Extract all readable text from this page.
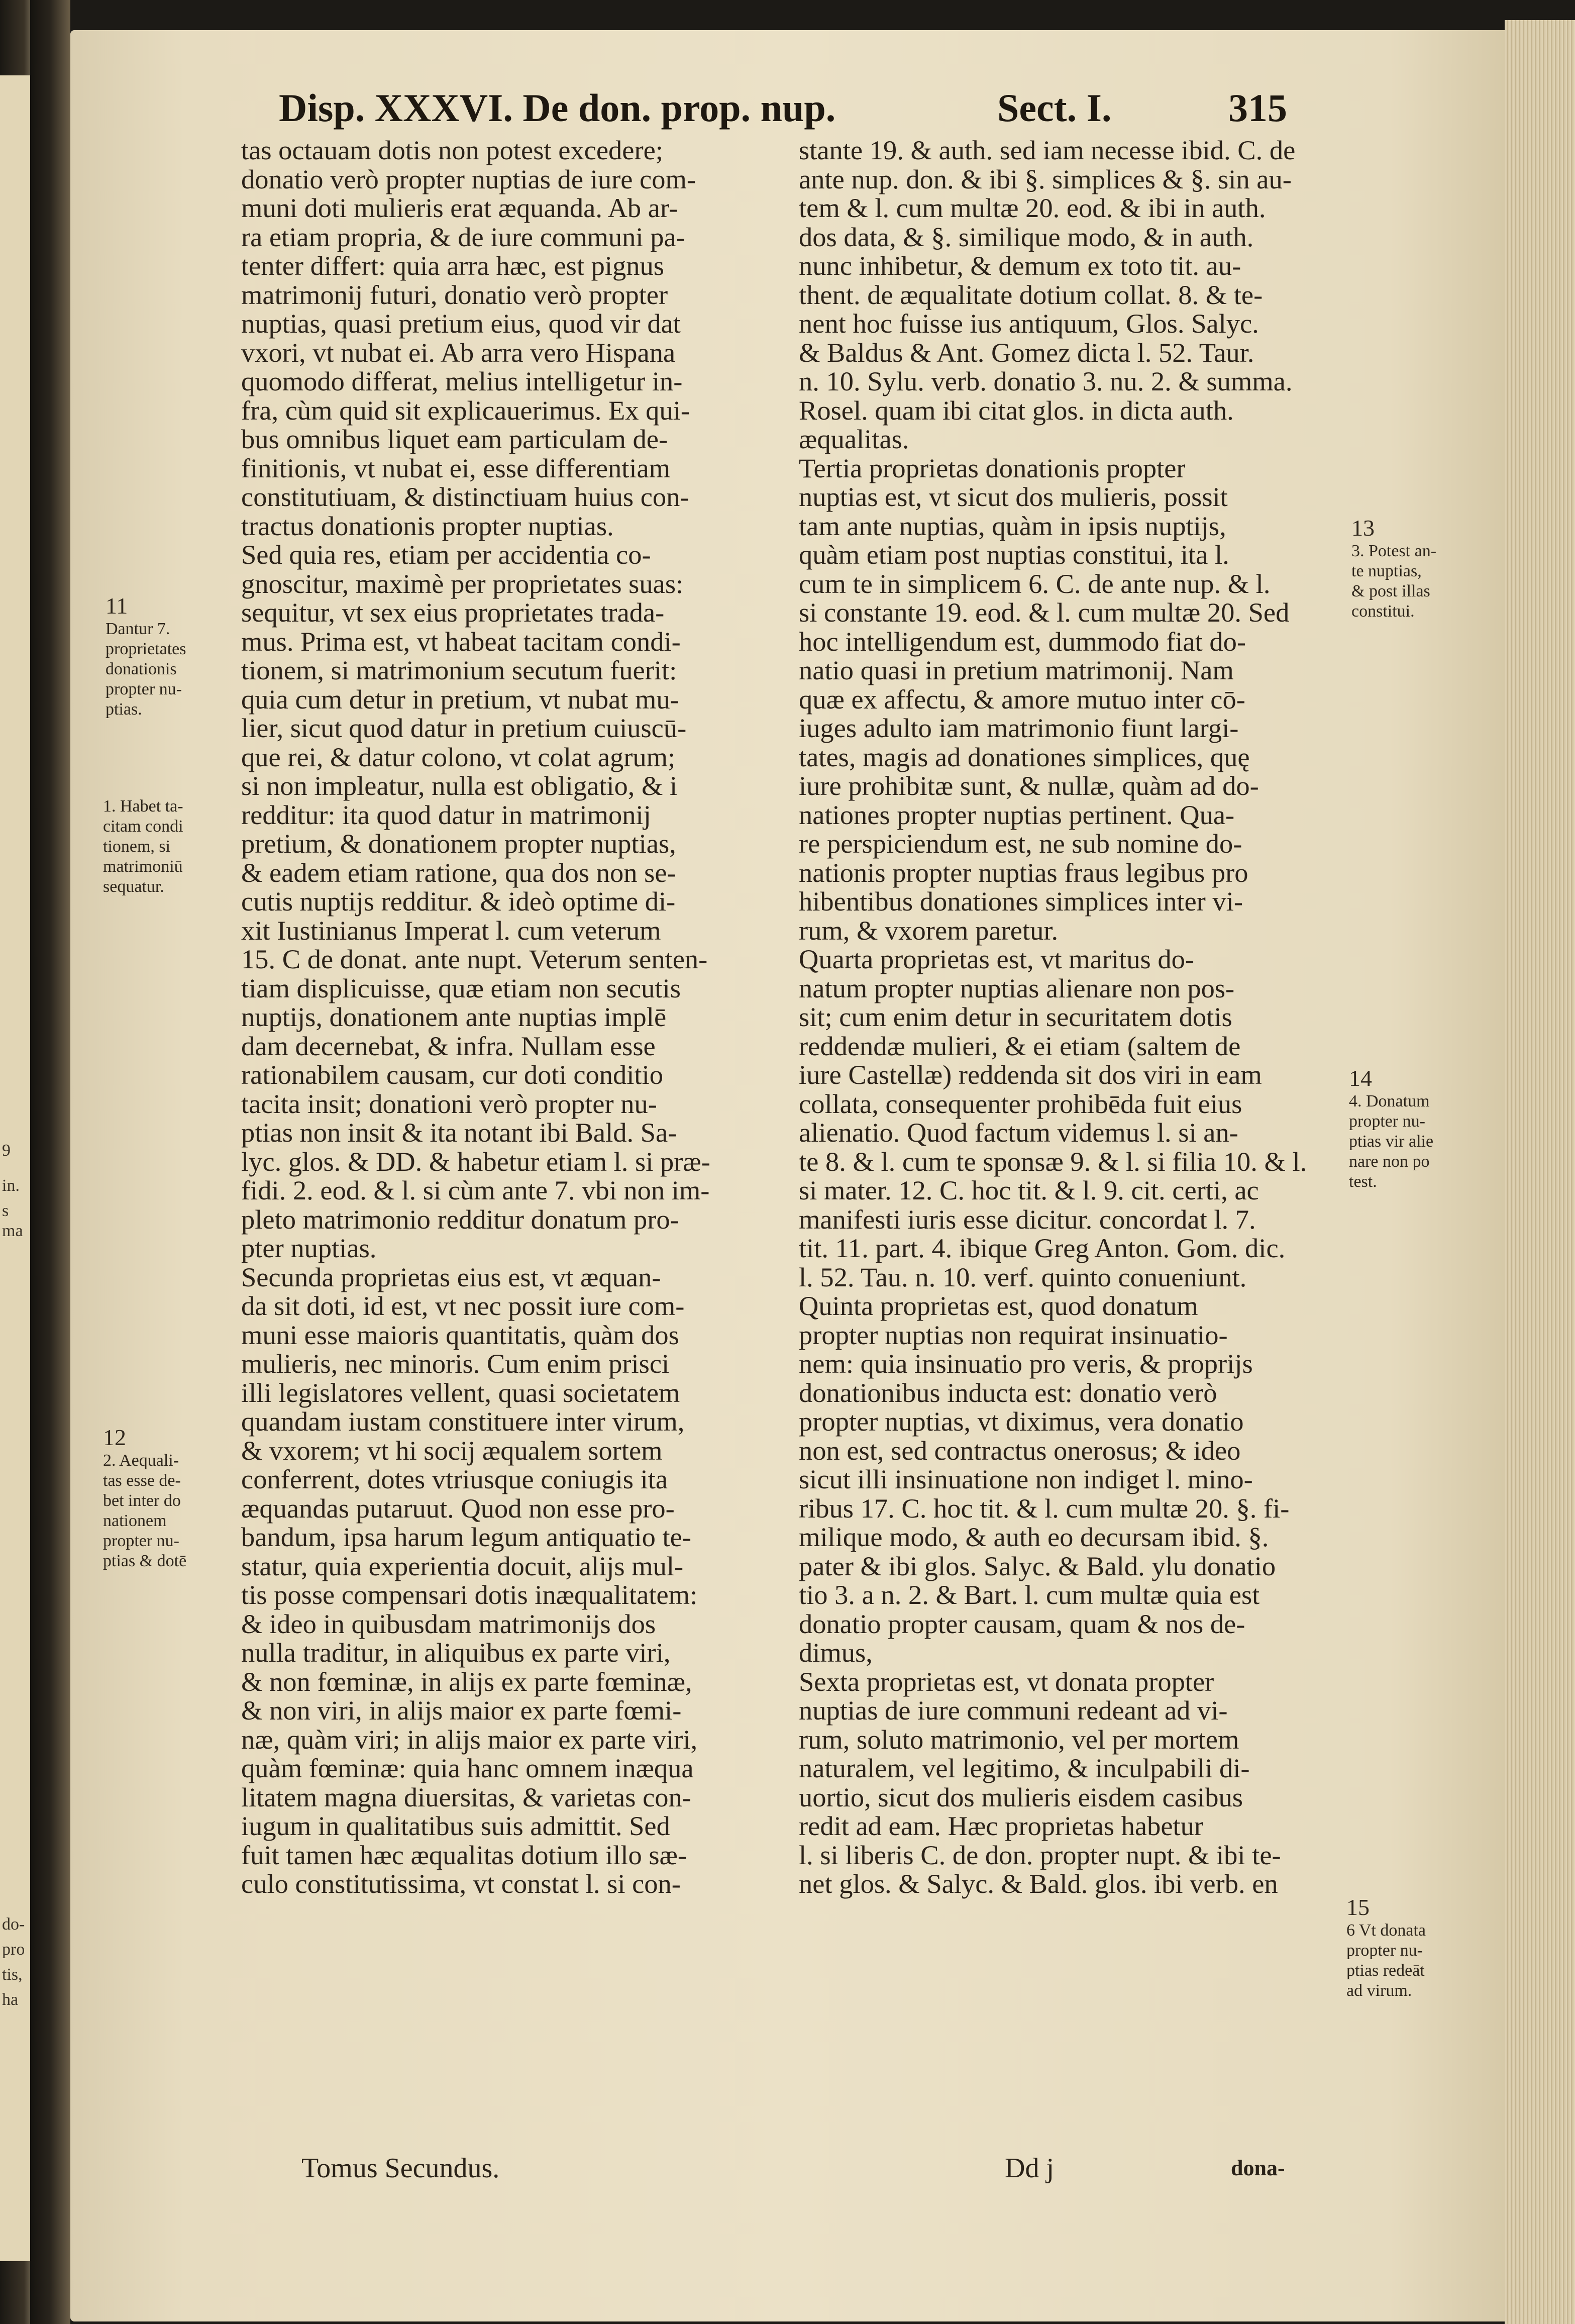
9
in.
s ma
do-
pro
tis,
ha
Disp. XXXVI. De don. prop. nup.	Sect. I.	315
tas octauam dotis non potest excedere;
donatio verò propter nuptias de iure com-
muni doti mulieris erat æquanda. Ab ar-
ra etiam propria, & de iure communi pa-
tenter differt: quia arra hæc, est pignus
matrimonij futuri, donatio verò propter
nuptias, quasi pretium eius, quod vir dat
vxori, vt nubat ei. Ab arra vero Hispana
quomodo differat, melius intelligetur in-
fra, cùm quid sit explicauerimus. Ex qui-
bus omnibus liquet eam particulam de-
finitionis, vt nubat ei, esse differentiam
constitutiuam, & distinctiuam huius con-
tractus donationis propter nuptias.
Sed quia res, etiam per accidentia co-
gnoscitur, maximè per proprietates suas:
sequitur, vt sex eius proprietates trada-
mus. Prima est, vt habeat tacitam condi-
tionem, si matrimonium secutum fuerit:
quia cum detur in pretium, vt nubat mu-
lier, sicut quod datur in pretium cuiuscū-
que rei, & datur colono, vt colat agrum;
si non impleatur, nulla est obligatio, & i
redditur: ita quod datur in matrimonij
pretium, & donationem propter nuptias,
& eadem etiam ratione, qua dos non se-
cutis nuptijs redditur. & ideò optime di-
xit Iustinianus Imperat l. cum veterum
15. C de donat. ante nupt. Veterum senten-
tiam displicuisse, quæ etiam non secutis
nuptijs, donationem ante nuptias implē
dam decernebat, & infra. Nullam esse
rationabilem causam, cur doti conditio
tacita insit; donationi verò propter nu-
ptias non insit & ita notant ibi Bald. Sa-
lyc. glos. & DD. & habetur etiam l. si præ-
fidi. 2. eod. & l. si cùm ante 7. vbi non im-
pleto matrimonio redditur donatum pro-
pter nuptias.
Secunda proprietas eius est, vt æquan-
da sit doti, id est, vt nec possit iure com-
muni esse maioris quantitatis, quàm dos
mulieris, nec minoris. Cum enim prisci
illi legislatores vellent, quasi societatem
quandam iustam constituere inter virum,
& vxorem; vt hi socij æqualem sortem
conferrent, dotes vtriusque coniugis ita
æquandas putaruut. Quod non esse pro-
bandum, ipsa harum legum antiquatio te-
statur, quia experientia docuit, alijs mul-
tis posse compensari dotis inæqualitatem:
& ideo in quibusdam matrimonijs dos
nulla traditur, in aliquibus ex parte viri,
& non fœminæ, in alijs ex parte fœminæ,
& non viri, in alijs maior ex parte fœmi-
næ, quàm viri; in alijs maior ex parte viri,
quàm fœminæ: quia hanc omnem inæqua
litatem magna diuersitas, & varietas con-
iugum in qualitatibus suis admittit. Sed
fuit tamen hæc æqualitas dotium illo sæ-
culo constitutissima, vt constat l. si con-
stante 19. & auth. sed iam necesse ibid. C. de
ante nup. don. & ibi §. simplices & §. sin au-
tem & l. cum multæ 20. eod. & ibi in auth.
dos data, & §. similique modo, & in auth.
nunc inhibetur, & demum ex toto tit. au-
thent. de æqualitate dotium collat. 8. & te-
nent hoc fuisse ius antiquum, Glos. Salyc.
& Baldus & Ant. Gomez dicta l. 52. Taur.
n. 10. Sylu. verb. donatio 3. nu. 2. & summa.
Rosel. quam ibi citat glos. in dicta auth.
æqualitas.
Tertia proprietas donationis propter
nuptias est, vt sicut dos mulieris, possit
tam ante nuptias, quàm in ipsis nuptijs,
quàm etiam post nuptias constitui, ita l.
cum te in simplicem 6. C. de ante nup. & l.
si constante 19. eod. & l. cum multæ 20. Sed
hoc intelligendum est, dummodo fiat do-
natio quasi in pretium matrimonij. Nam
quæ ex affectu, & amore mutuo inter cō-
iuges adulto iam matrimonio fiunt largi-
tates, magis ad donationes simplices, quę
iure prohibitæ sunt, & nullæ, quàm ad do-
nationes propter nuptias pertinent. Qua-
re perspiciendum est, ne sub nomine do-
nationis propter nuptias fraus legibus pro
hibentibus donationes simplices inter vi-
rum, & vxorem paretur.
Quarta proprietas est, vt maritus do-
natum propter nuptias alienare non pos-
sit; cum enim detur in securitatem dotis
reddendæ mulieri, & ei etiam (saltem de
iure Castellæ) reddenda sit dos viri in eam
collata, consequenter prohibēda fuit eius
alienatio. Quod factum videmus l. si an-
te 8. & l. cum te sponsæ 9. & l. si filia 10. & l.
si mater. 12. C. hoc tit. & l. 9. cit. certi, ac
manifesti iuris esse dicitur. concordat l. 7.
tit. 11. part. 4. ibique Greg Anton. Gom. dic.
l. 52. Tau. n. 10. verf. quinto conueniunt.
Quinta proprietas est, quod donatum
propter nuptias non requirat insinuatio-
nem: quia insinuatio pro veris, & proprijs
donationibus inducta est: donatio verò
propter nuptias, vt diximus, vera donatio
non est, sed contractus onerosus; & ideo
sicut illi insinuatione non indiget l. mino-
ribus 17. C. hoc tit. & l. cum multæ 20. §. fi-
milique modo, & auth eo decursam ibid. §.
pater & ibi glos. Salyc. & Bald. ylu donatio
tio 3. a n. 2. & Bart. l. cum multæ quia est
donatio propter causam, quam & nos de-
dimus,
Sexta proprietas est, vt donata propter
nuptias de iure communi redeant ad vi-
rum, soluto matrimonio, vel per mortem
naturalem, vel legitimo, & inculpabili di-
uortio, sicut dos mulieris eisdem casibus
redit ad eam. Hæc proprietas habetur
l. si liberis C. de don. propter nupt. & ibi te-
net glos. & Salyc. & Bald. glos. ibi verb. en
11
Dantur 7.
proprietates
donationis
propter nu-
ptias.
1. Habet ta-
citam condi
tionem, si
matrimoniū
sequatur.
12
2. Aequali-
tas esse de-
bet inter do
nationem
propter nu-
ptias & dotē
13
3. Potest an-
te nuptias,
& post illas
constitui.
14
4. Donatum
propter nu-
ptias vir alie
nare non po
test.
15
6 Vt donata
propter nu-
ptias redeāt
ad virum.
Tomus Secundus.	Dd j	dona-
